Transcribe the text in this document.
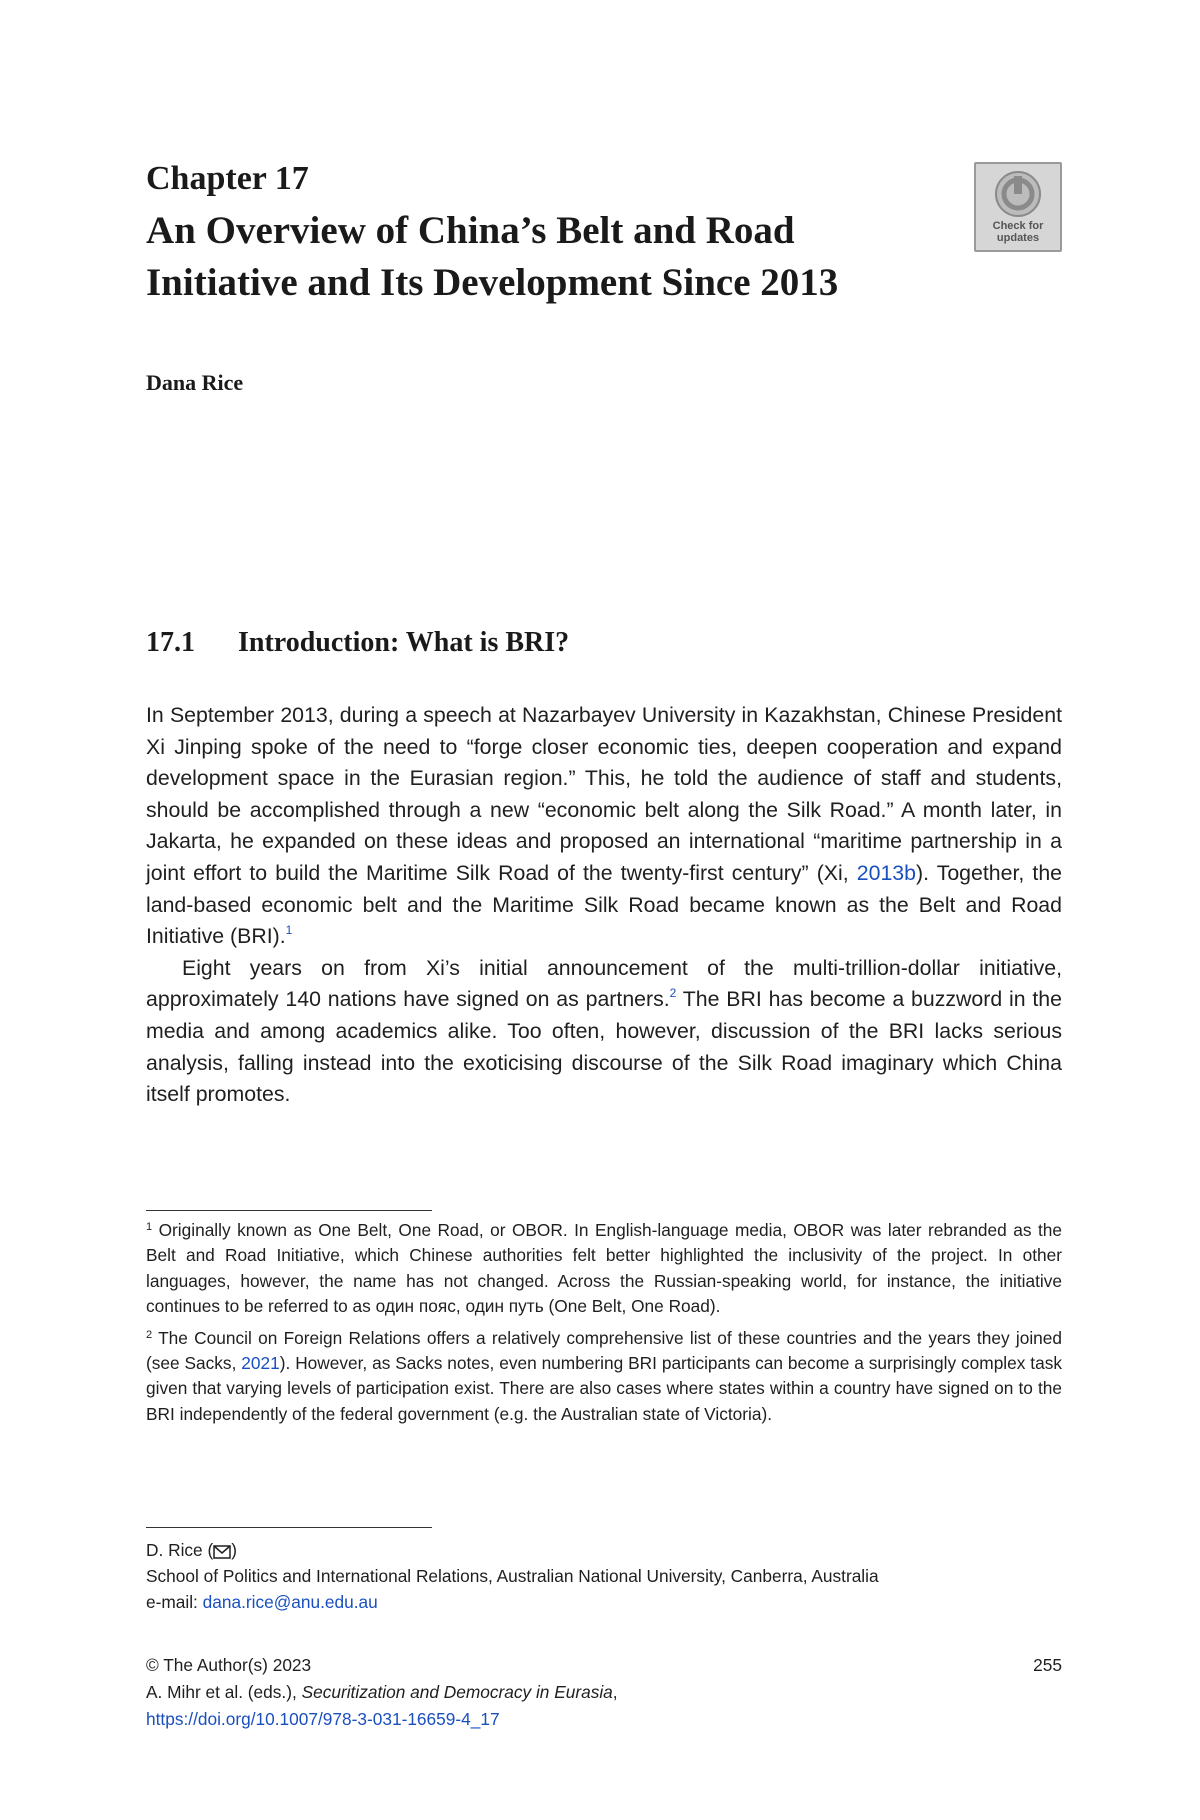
Chapter 17
An Overview of China’s Belt and Road Initiative and Its Development Since 2013
Check for
updates
Dana Rice
17.1 Introduction: What is BRI?

In September 2013, during a speech at Nazarbayev University in Kazakhstan, Chinese President Xi Jinping spoke of the need to “forge closer economic ties, deepen cooperation and expand development space in the Eurasian region.” This, he told the audience of staff and students, should be accomplished through a new “economic belt along the Silk Road.” A month later, in Jakarta, he expanded on these ideas and proposed an international “maritime partnership in a joint effort to build the Maritime Silk Road of the twenty-first century” (Xi, 2013b). Together, the land-based economic belt and the Maritime Silk Road became known as the Belt and Road Initiative (BRI).$^1$

Eight years on from Xi’s initial announcement of the multi-trillion-dollar initiative, approximately 140 nations have signed on as partners.$^2$ The BRI has become a buzzword in the media and among academics alike. Too often, however, discussion of the BRI lacks serious analysis, falling instead into the exoticising discourse of the Silk Road imaginary which China itself promotes.

$^1$ Originally known as One Belt, One Road, or OBOR. In English-language media, OBOR was later rebranded as the Belt and Road Initiative, which Chinese authorities felt better highlighted the inclusivity of the project. In other languages, however, the name has not changed. Across the Russian-speaking world, for instance, the initiative continues to be referred to as один пояс, один путь (One Belt, One Road).

$^2$ The Council on Foreign Relations offers a relatively comprehensive list of these countries and the years they joined (see Sacks, 2021). However, as Sacks notes, even numbering BRI participants can become a surprisingly complex task given that varying levels of participation exist. There are also cases where states within a country have signed on to the BRI independently of the federal government (e.g. the Australian state of Victoria).

D. Rice ( )

School of Politics and International Relations, Australian National University, Canberra, Australia

e-mail: dana.rice@anu.edu.au

255

© The Author(s) 2023

A. Mihr et al. (eds.), Securitization and Democracy in Eurasia,

https://doi.org/10.1007/978-3-031-16659-4_17
